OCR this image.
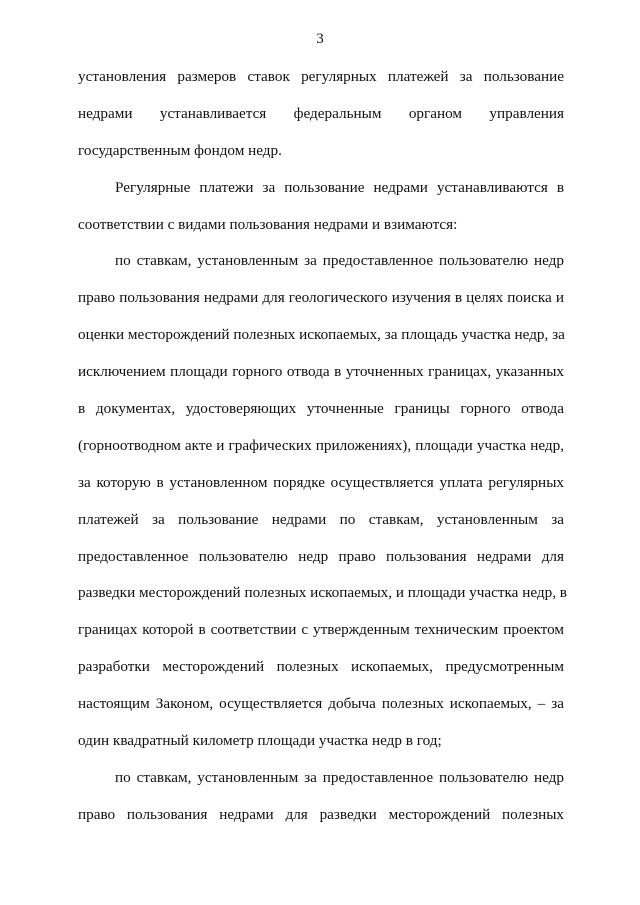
3
установления размеров ставок регулярных платежей за пользование
недрами устанавливается федеральным органом управления
государственным фондом недр.
Регулярные платежи за пользование недрами устанавливаются в
соответствии с видами пользования недрами и взимаются:
по ставкам, установленным за предоставленное пользователю недр
право пользования недрами для геологического изучения в целях поиска и
оценки месторождений полезных ископаемых, за площадь участка недр, за
исключением площади горного отвода в уточненных границах, указанных
в документах, удостоверяющих уточненные границы горного отвода
(горноотводном акте и графических приложениях), площади участка недр,
за которую в установленном порядке осуществляется уплата регулярных
платежей за пользование недрами по ставкам, установленным за
предоставленное пользователю недр право пользования недрами для
разведки месторождений полезных ископаемых, и площади участка недр, в
границах которой в соответствии с утвержденным техническим проектом
разработки месторождений полезных ископаемых, предусмотренным
настоящим Законом, осуществляется добыча полезных ископаемых, – за
один квадратный километр площади участка недр в год;
по ставкам, установленным за предоставленное пользователю недр
право пользования недрами для разведки месторождений полезных
